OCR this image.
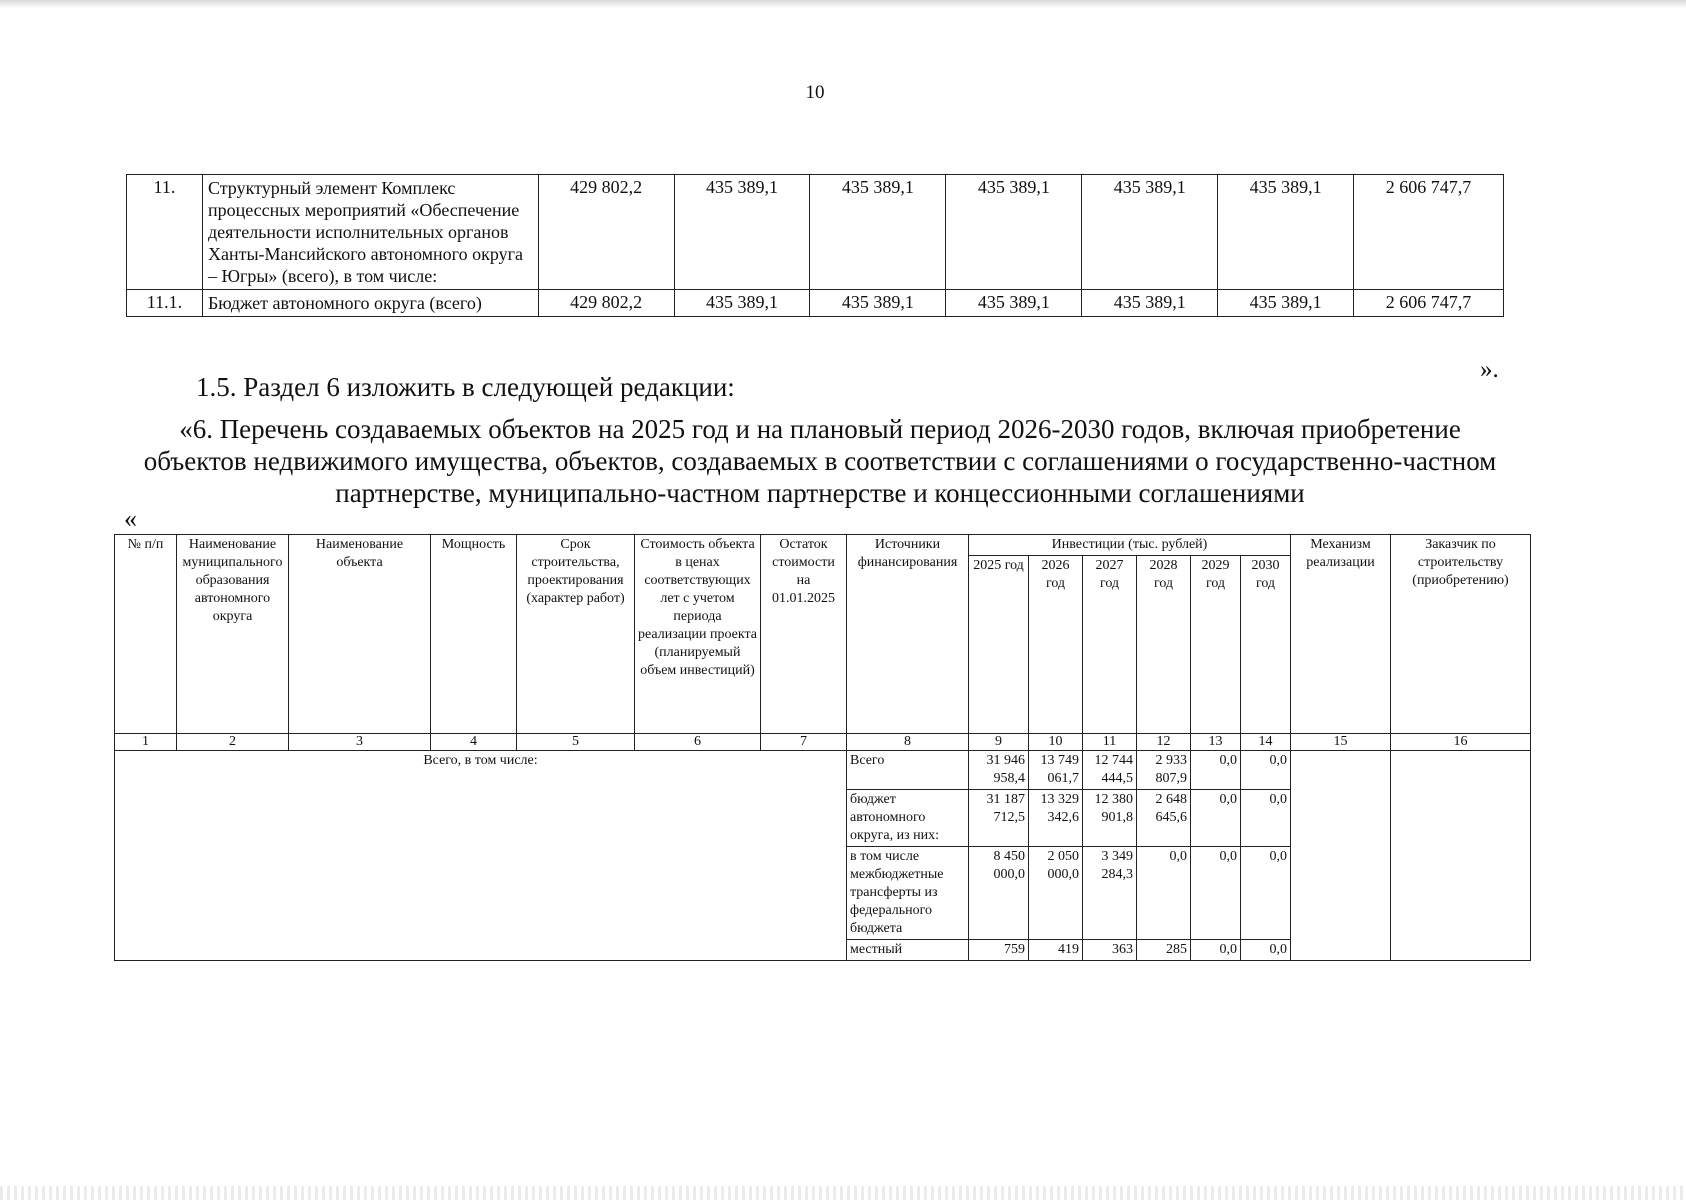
10
11.	Структурный элемент Комплекс процессных мероприятий «Обеспечение деятельности исполнительных органов Ханты-Мансийского автономного округа – Югры» (всего), в том числе:	429 802,2	435 389,1	435 389,1	435 389,1	435 389,1	435 389,1	2 606 747,7
11.1.	Бюджет автономного округа (всего)	429 802,2	435 389,1	435 389,1	435 389,1	435 389,1	435 389,1	2 606 747,7
».
1.5. Раздел 6 изложить в следующей редакции:
«6. Перечень создаваемых объектов на 2025 год и на плановый период 2026-2030 годов, включая приобретение объектов недвижимого имущества, объектов, создаваемых в соответствии с соглашениями о государственно-частном партнерстве, муниципально-частном партнерстве и концессионными соглашениями
«
№ п/п	Наименование муниципального образования автономного округа	Наименование объекта	Мощность	Срок строительства, проектирования (характер работ)	Стоимость объекта в ценах соответствующих лет с учетом периода реализации проекта (планируемый объем инвестиций)	Остаток стоимости на 01.01.2025	Источники финансирования	Инвестиции (тыс. рублей)						Механизм реализации	Заказчик по строительству (приобретению)
								2025 год	2026 год	2027 год	2028 год	2029 год	2030 год		
1	2	3	4	5	6	7	8	9	10	11	12	13	14	15	16
Всего, в том числе:							Всего	31 946 958,4	13 749 061,7	12 744 444,5	2 933 807,9	0,0	0,0		
							бюджет автономного округа, из них:	31 187 712,5	13 329 342,6	12 380 901,8	2 648 645,6	0,0	0,0		
							в том числе межбюджетные трансферты из федерального бюджета	8 450 000,0	2 050 000,0	3 349 284,3	0,0	0,0	0,0		
							местный	759	419	363	285	0,0	0,0		
